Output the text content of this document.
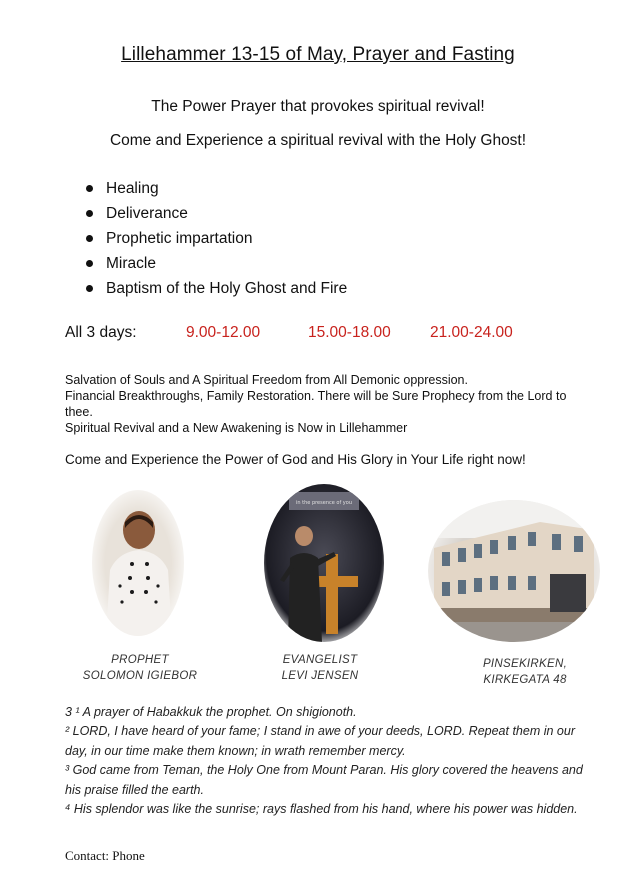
Lillehammer 13-15 of May, Prayer and Fasting
The Power Prayer that provokes spiritual revival!
Come and Experience a spiritual revival with the Holy Ghost!
Healing
Deliverance
Prophetic impartation
Miracle
Baptism of the Holy Ghost and Fire
All 3 days:	9.00-12.00	15.00-18.00	21.00-24.00
Salvation of Souls and A Spiritual Freedom from All Demonic oppression.
Financial Breakthroughs, Family Restoration. There will be Sure Prophecy from the Lord to thee.
Spiritual Revival and a New Awakening is Now in Lillehammer
Come and Experience the Power of God and His Glory in Your Life right now!
in the presence of you
PROPHET
SOLOMON IGIEBOR
EVANGELIST
LEVI JENSEN
PINSEKIRKEN,
KIRKEGATA 48
3 ¹ A prayer of Habakkuk the prophet. On shigionoth.
² LORD, I have heard of your fame; I stand in awe of your deeds, LORD. Repeat them in our day, in our time make them known; in wrath remember mercy.
³ God came from Teman, the Holy One from Mount Paran. His glory covered the heavens and his praise filled the earth.
⁴ His splendor was like the sunrise; rays flashed from his hand, where his power was hidden.
Contact: Phone
